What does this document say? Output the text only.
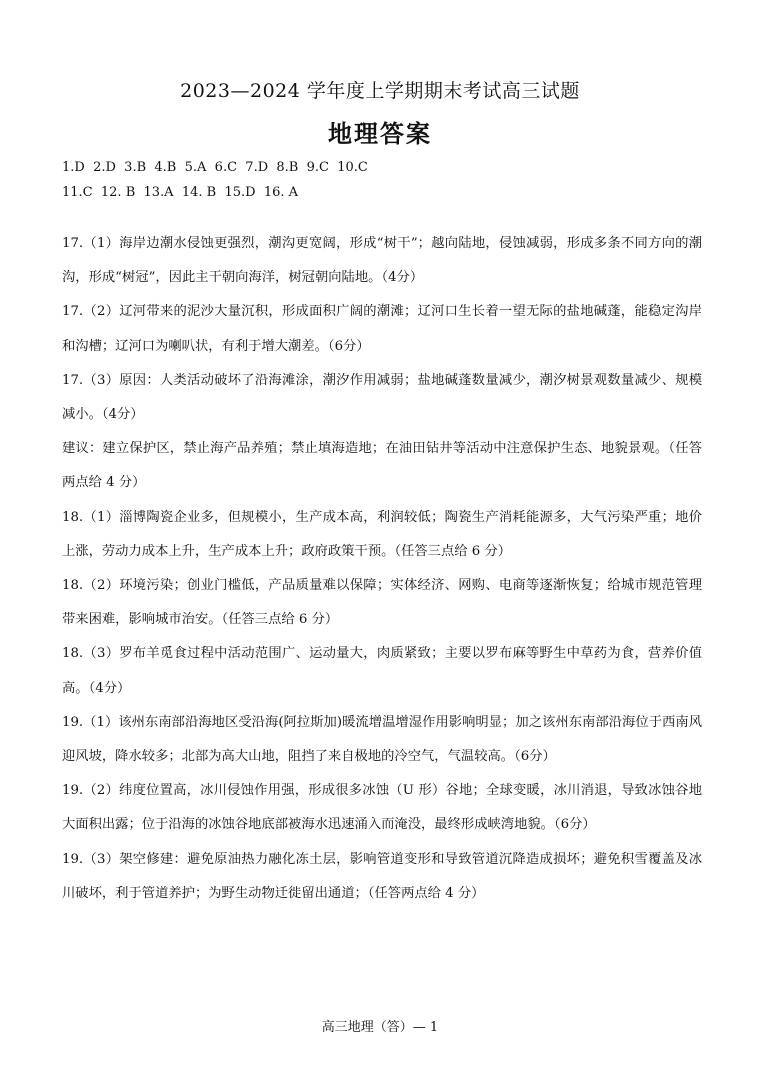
2023—2024 学年度上学期期末考试高三试题
地理答案
1.D  2.D  3.B  4.B  5.A  6.C  7.D  8.B  9.C  10.C
11.C  12. B  13.A  14. B  15.D  16. A

17.（1）海岸边潮水侵蚀更强烈，潮沟更宽阔，形成“树干”；越向陆地，侵蚀减弱，形成多条不同方向的潮沟，形成“树冠”，因此主干朝向海洋，树冠朝向陆地。（4分）

17.（2）辽河带来的泥沙大量沉积，形成面积广阔的潮滩；辽河口生长着一望无际的盐地碱蓬，能稳定沟岸和沟槽；辽河口为喇叭状，有利于增大潮差。（6分）

17.（3）原因：人类活动破坏了沿海滩涂，潮汐作用减弱；盐地碱蓬数量减少，潮汐树景观数量减少、规模减小。（4分）

建议：建立保护区，禁止海产品养殖；禁止填海造地；在油田钻井等活动中注意保护生态、地貌景观。（任答两点给 4 分）

18.（1）淄博陶瓷企业多，但规模小，生产成本高，利润较低；陶瓷生产消耗能源多，大气污染严重；地价上涨，劳动力成本上升，生产成本上升；政府政策干预。（任答三点给 6 分）

18.（2）环境污染；创业门槛低，产品质量难以保障；实体经济、网购、电商等逐渐恢复；给城市规范管理带来困难，影响城市治安。（任答三点给 6 分）

18.（3）罗布羊觅食过程中活动范围广、运动量大，肉质紧致；主要以罗布麻等野生中草药为食，营养价值高。（4分）

19.（1）该州东南部沿海地区受沿海(阿拉斯加)暖流增温增湿作用影响明显；加之该州东南部沿海位于西南风迎风坡，降水较多；北部为高大山地，阻挡了来自极地的冷空气，气温较高。（6分）

19.（2）纬度位置高，冰川侵蚀作用强，形成很多冰蚀（U 形）谷地；全球变暖，冰川消退，导致冰蚀谷地大面积出露；位于沿海的冰蚀谷地底部被海水迅速涌入而淹没，最终形成峡湾地貌。（6分）

19.（3）架空修建：避免原油热力融化冻土层，影响管道变形和导致管道沉降造成损坏；避免积雪覆盖及冰川破坏，利于管道养护；为野生动物迁徙留出通道；（任答两点给 4 分）

高三地理（答）— 1
